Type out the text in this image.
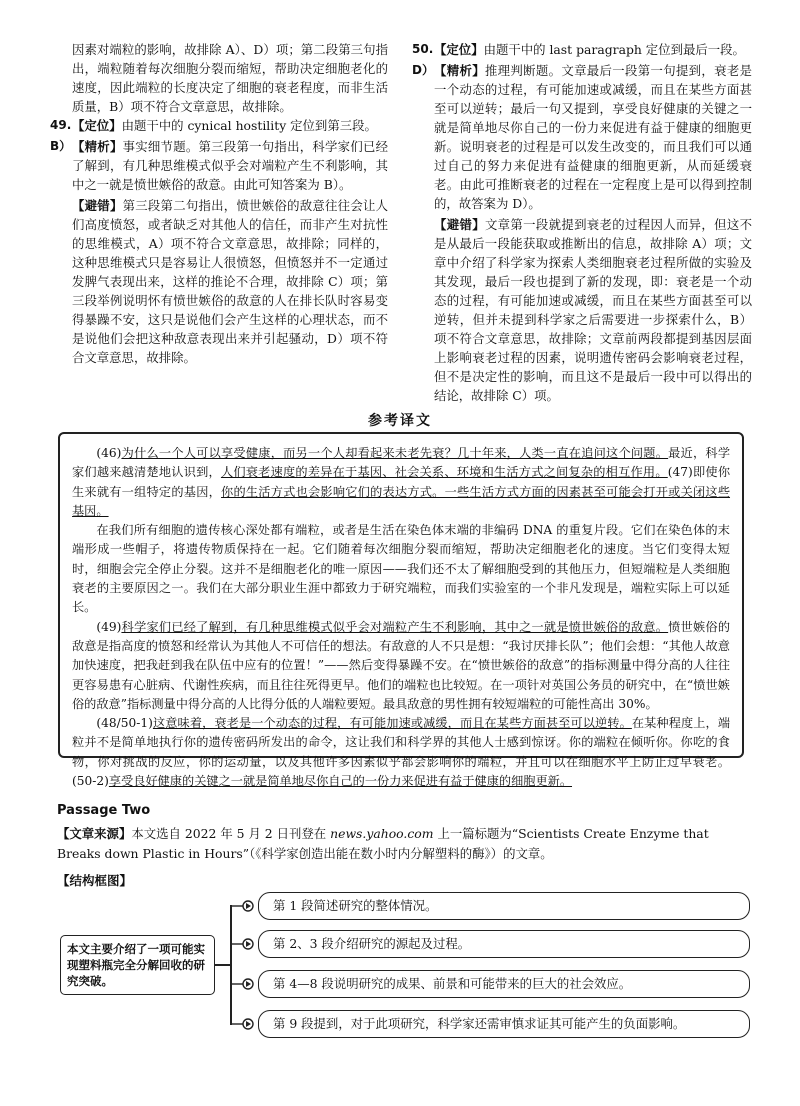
因素对端粒的影响，故排除 A）、D）项；第二段第三句指出，端粒随着每次细胞分裂而缩短，帮助决定细胞老化的速度，因此端粒的长度决定了细胞的衰老程度，而非生活质量，B）项不符合文章意思，故排除。
49. 【定位】由题干中的 cynical hostility 定位到第三段。
B） 【精析】事实细节题。第三段第一句指出，科学家们已经了解到，有几种思维模式似乎会对端粒产生不利影响，其中之一就是愤世嫉俗的敌意。由此可知答案为 B）。
【避错】第三段第二句指出，愤世嫉俗的敌意往往会让人们高度愤怒，或者缺乏对其他人的信任，而非产生对抗性的思维模式，A）项不符合文章意思，故排除；同样的，这种思维模式只是容易让人很愤怒，但愤怒并不一定通过发脾气表现出来，这样的推论不合理，故排除 C）项；第三段举例说明怀有愤世嫉俗的敌意的人在排长队时容易变得暴躁不安，这只是说他们会产生这样的心理状态，而不是说他们会把这种敌意表现出来并引起骚动，D）项不符合文章意思，故排除。
50. 【定位】由题干中的 last paragraph 定位到最后一段。
D） 【精析】推理判断题。文章最后一段第一句提到，衰老是一个动态的过程，有可能加速或减缓，而且在某些方面甚至可以逆转；最后一句又提到，享受良好健康的关键之一就是简单地尽你自己的一份力来促进有益于健康的细胞更新。说明衰老的过程是可以发生改变的，而且我们可以通过自己的努力来促进有益健康的细胞更新，从而延缓衰老。由此可推断衰老的过程在一定程度上是可以得到控制的，故答案为 D）。
【避错】文章第一段就提到衰老的过程因人而异，但这不是从最后一段能获取或推断出的信息，故排除 A）项；文章中介绍了科学家为探索人类细胞衰老过程所做的实验及其发现，最后一段也提到了新的发现，即：衰老是一个动态的过程，有可能加速或减缓，而且在某些方面甚至可以逆转，但并未提到科学家之后需要进一步探索什么，B）项不符合文章意思，故排除；文章前两段都提到基因层面上影响衰老过程的因素，说明遗传密码会影响衰老过程，但不是决定性的影响，而且这不是最后一段中可以得出的结论，故排除 C）项。
参考译文

(46)为什么一个人可以享受健康，而另一个人却看起来未老先衰？几十年来，人类一直在追问这个问题。最近，科学家们越来越清楚地认识到，人们衰老速度的差异在于基因、社会关系、环境和生活方式之间复杂的相互作用。(47)即使你生来就有一组特定的基因，你的生活方式也会影响它们的表达方式。一些生活方式方面的因素甚至可能会打开或关闭这些基因。

在我们所有细胞的遗传核心深处都有端粒，或者是生活在染色体末端的非编码 DNA 的重复片段。它们在染色体的末端形成一些帽子，将遗传物质保持在一起。它们随着每次细胞分裂而缩短，帮助决定细胞老化的速度。当它们变得太短时，细胞会完全停止分裂。这并不是细胞老化的唯一原因——我们还不太了解细胞受到的其他压力，但短端粒是人类细胞衰老的主要原因之一。我们在大部分职业生涯中都致力于研究端粒，而我们实验室的一个非凡发现是，端粒实际上可以延长。

(49)科学家们已经了解到，有几种思维模式似乎会对端粒产生不利影响，其中之一就是愤世嫉俗的敌意。愤世嫉俗的敌意是指高度的愤怒和经常认为其他人不可信任的想法。有敌意的人不只是想：“我讨厌排长队”；他们会想：“其他人故意加快速度，把我赶到我在队伍中应有的位置！”——然后变得暴躁不安。在“愤世嫉俗的敌意”的指标测量中得分高的人往往更容易患有心脏病、代谢性疾病，而且往往死得更早。他们的端粒也比较短。在一项针对英国公务员的研究中，在“愤世嫉俗的敌意”指标测量中得分高的人比得分低的人端粒要短。最具敌意的男性拥有较短端粒的可能性高出 30%。

(48/50-1)这意味着，衰老是一个动态的过程，有可能加速或减缓，而且在某些方面甚至可以逆转。在某种程度上，端粒并不是简单地执行你的遗传密码所发出的命令，这让我们和科学界的其他人士感到惊讶。你的端粒在倾听你。你吃的食物，你对挑战的反应，你的运动量，以及其他许多因素似乎都会影响你的端粒，并且可以在细胞水平上防止过早衰老。(50-2)享受良好健康的关键之一就是简单地尽你自己的一份力来促进有益于健康的细胞更新。

Passage Two
【文章来源】本文选自 2022 年 5 月 2 日刊登在 news.yahoo.com 上一篇标题为“Scientists Create Enzyme that Breaks down Plastic in Hours”（《科学家创造出能在数小时内分解塑料的酶》）的文章。
【结构框图】
本文主要介绍了一项可能实现塑料瓶完全分解回收的研究突破。
第 1 段简述研究的整体情况。
第 2、3 段介绍研究的源起及过程。
第 4—8 段说明研究的成果、前景和可能带来的巨大的社会效应。
第 9 段提到，对于此项研究，科学家还需审慎求证其可能产生的负面影响。
